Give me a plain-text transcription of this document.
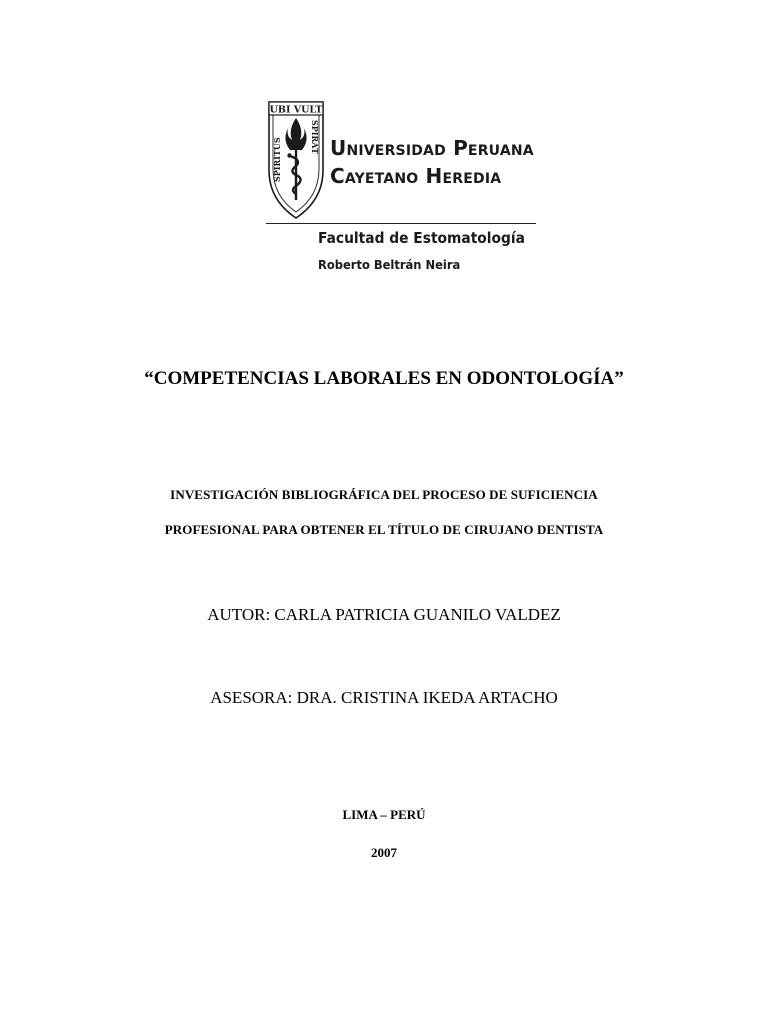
UBI VULT
SPIRITUS
SPIRAT Universidad Peruana
Cayetano Heredia
Facultad de Estomatología
Roberto Beltrán Neira
“COMPETENCIAS LABORALES EN ODONTOLOGÍA”
INVESTIGACIÓN BIBLIOGRÁFICA DEL PROCESO DE SUFICIENCIA
PROFESIONAL PARA OBTENER EL TÍTULO DE CIRUJANO DENTISTA
AUTOR: CARLA PATRICIA GUANILO VALDEZ
ASESORA: DRA. CRISTINA IKEDA ARTACHO
LIMA – PERÚ
2007
